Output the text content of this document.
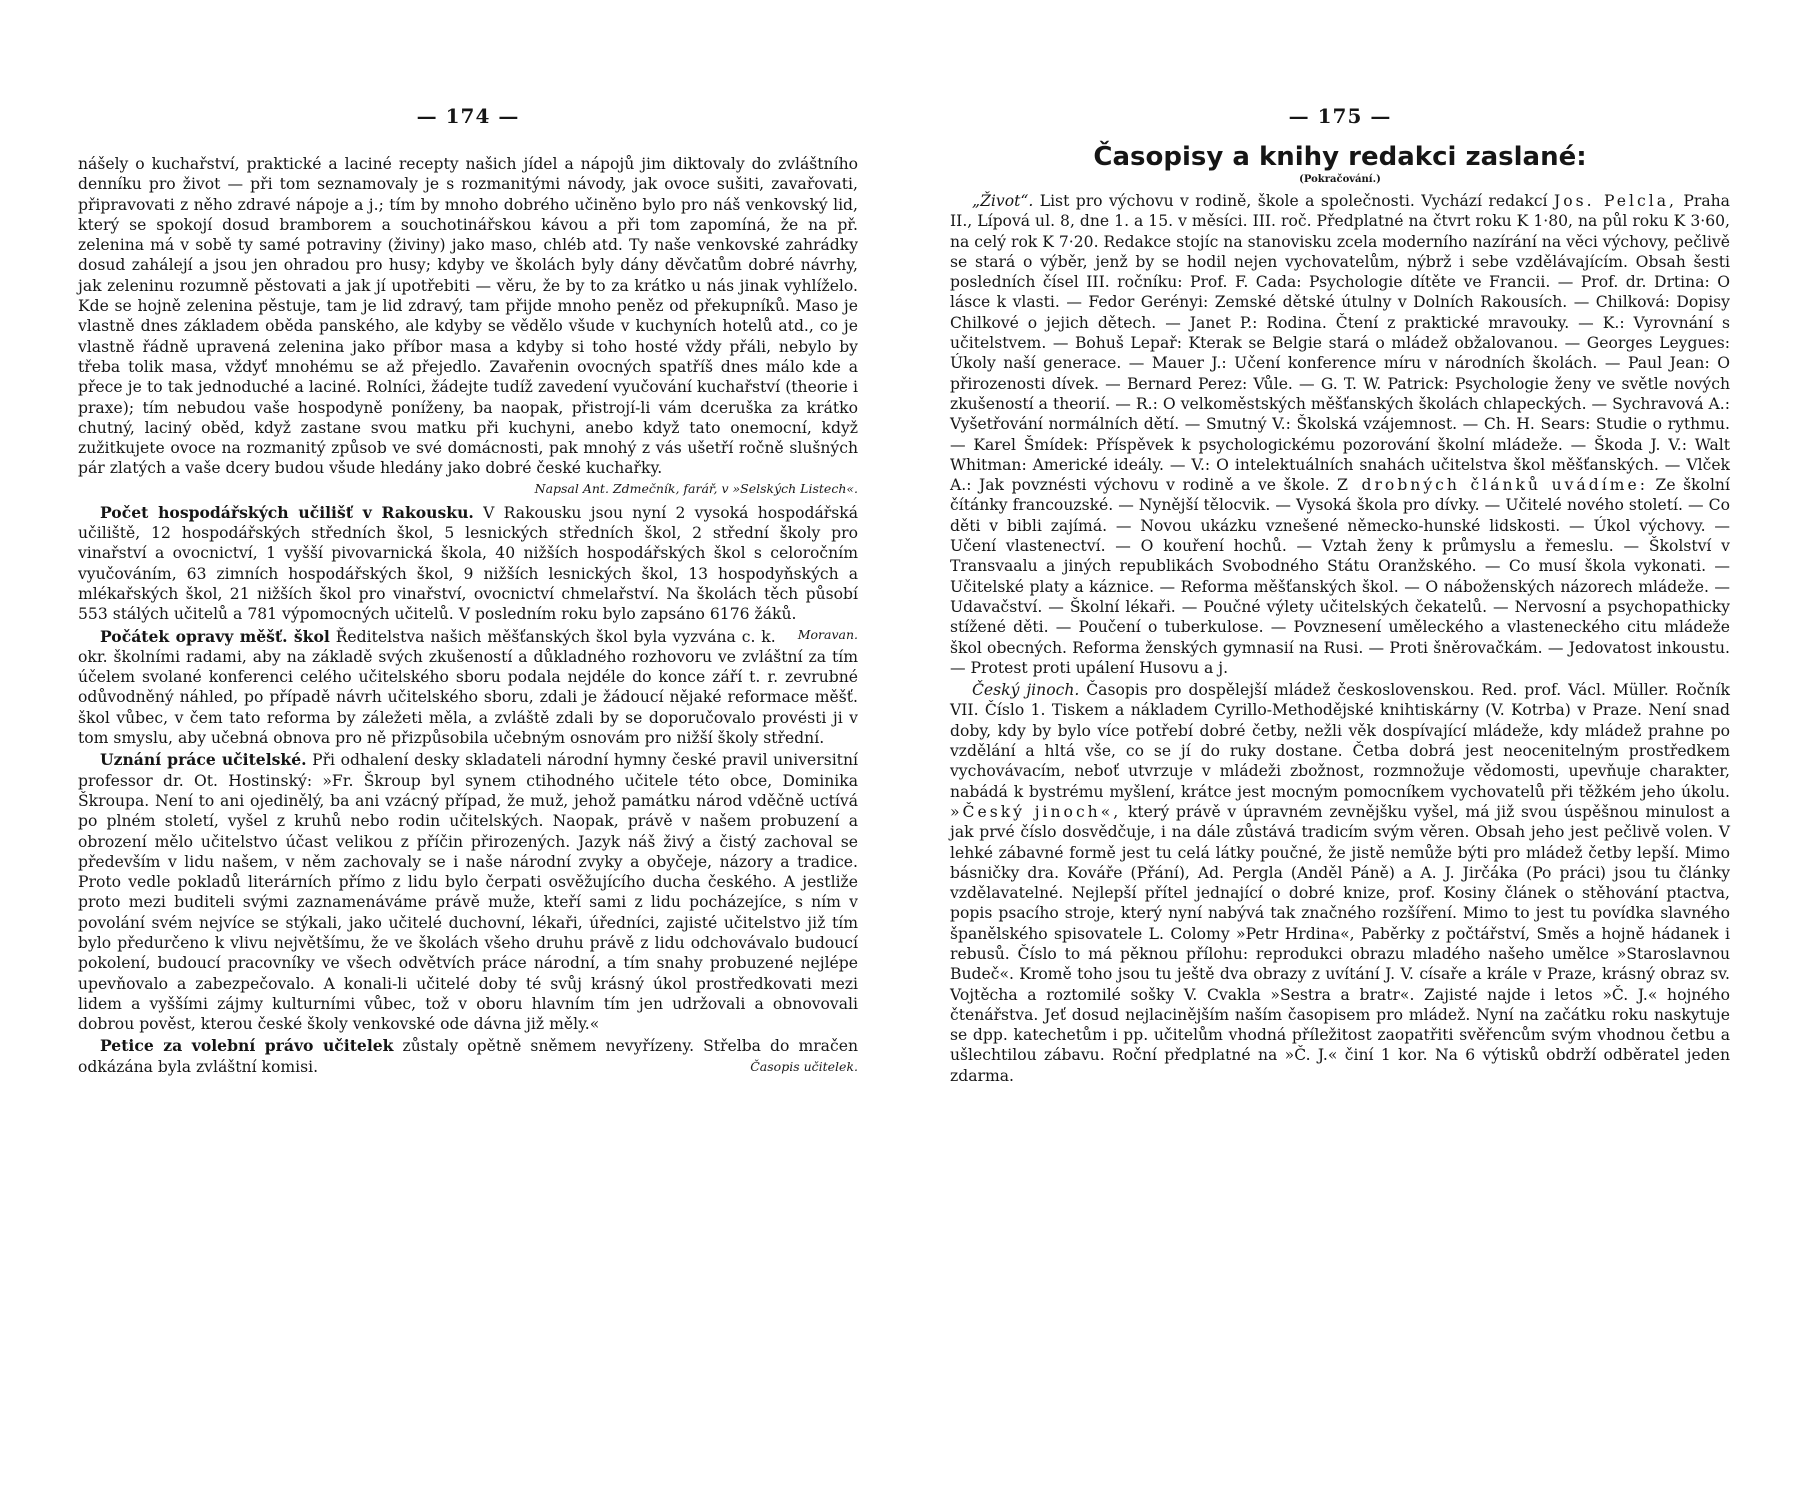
— 174 —

nášely o kuchařství, praktické a laciné recepty našich jídel a nápojů jim diktovaly do zvláštního denníku pro život — při tom seznamovaly je s rozmanitými návody, jak ovoce sušiti, zavařovati, připravovati z něho zdravé nápoje a j.; tím by mnoho dobrého učiněno bylo pro náš venkovský lid, který se spokojí dosud bramborem a souchotinářskou kávou a při tom zapomíná, že na př. zelenina má v sobě ty samé potraviny (živiny) jako maso, chléb atd. Ty naše venkovské zahrádky dosud zahálejí a jsou jen ohradou pro husy; kdyby ve školách byly dány děvčatům dobré návrhy, jak zeleninu rozumně pěstovati a jak jí upotřebiti — věru, že by to za krátko u nás jinak vyhlíželo. Kde se hojně zelenina pěstuje, tam je lid zdravý, tam přijde mnoho peněz od překupníků. Maso je vlastně dnes základem oběda panského, ale kdyby se vědělo všude v kuchyních hotelů atd., co je vlastně řádně upravená zelenina jako příbor masa a kdyby si toho hosté vždy přáli, nebylo by třeba tolik masa, vždyť mnohému se až přejedlo. Zavařenin ovocných spatříš dnes málo kde a přece je to tak jednoduché a laciné. Rolníci, žádejte tudíž zavedení vyučování kuchařství (theorie i praxe); tím nebudou vaše hospodyně poníženy, ba naopak, přistrojí-li vám dceruška za krátko chutný, laciný oběd, když zastane svou matku při kuchyni, anebo když tato onemocní, když zužitkujete ovoce na rozmanitý způsob ve své domácnosti, pak mnohý z vás ušetří ročně slušných pár zlatých a vaše dcery budou všude hledány jako dobré české kuchařky.

Napsal Ant. Zdmečník, farář, v »Selských Listech«.

Počet hospodářských učilišť v Rakousku. V Rakousku jsou nyní 2 vysoká hospodářská učiliště, 12 hospodářských středních škol, 5 lesnických středních škol, 2 střední školy pro vinařství a ovocnictví, 1 vyšší pivovarnická škola, 40 nižších hospodářských škol s celoročním vyučováním, 63 zimních hospodářských škol, 9 nižších lesnických škol, 13 hospodyňských a mlékařských škol, 21 nižších škol pro vinařství, ovocnictví chmelařství. Na školách těch působí 553 stálých učitelů a 781 výpomocných učitelů. V posledním roku bylo zapsáno 6176 žáků.
Moravan.

Počátek opravy měšť. škol Ředitelstva našich měšťanských škol byla vyzvána c. k. okr. školními radami, aby na základě svých zkušeností a důkladného rozhovoru ve zvláštní za tím účelem svolané konferenci celého učitelského sboru podala nejdéle do konce září t. r. zevrubné odůvodněný náhled, po případě návrh učitelského sboru, zdali je žádoucí nějaké reformace měšť. škol vůbec, v čem tato reforma by záležeti měla, a zvláště zdali by se doporučovalo provésti ji v tom smyslu, aby učebná obnova pro ně přizpůsobila učebným osnovám pro nižší školy střední.

Uznání práce učitelské. Při odhalení desky skladateli národní hymny české pravil universitní professor dr. Ot. Hostinský: »Fr. Škroup byl synem ctihodného učitele této obce, Dominika Škroupa. Není to ani ojedinělý, ba ani vzácný případ, že muž, jehož památku národ vděčně uctívá po plném století, vyšel z kruhů nebo rodin učitelských. Naopak, právě v našem probuzení a obrození mělo učitelstvo účast velikou z příčin přirozených. Jazyk náš živý a čistý zachoval se především v lidu našem, v něm zachovaly se i naše národní zvyky a obyčeje, názory a tradice. Proto vedle pokladů literárních přímo z lidu bylo čerpati osvěžujícího ducha českého. A jestliže proto mezi buditeli svými zaznamenáváme právě muže, kteří sami z lidu pocházejíce, s ním v povolání svém nejvíce se stýkali, jako učitelé duchovní, lékaři, úředníci, zajisté učitelstvo již tím bylo předurčeno k vlivu největšímu, že ve školách všeho druhu právě z lidu odchovávalo budoucí pokolení, budoucí pracovníky ve všech odvětvích práce národní, a tím snahy probuzené nejlépe upevňovalo a zabezpečovalo. A konali-li učitelé doby té svůj krásný úkol prostředkovati mezi lidem a vyššími zájmy kulturními vůbec, tož v oboru hlavním tím jen udržovali a obnovovali dobrou pověst, kterou české školy venkovské ode dávna již měly.«

Petice za volební právo učitelek zůstaly opětně sněmem nevyřízeny. Střelba do mračen odkázána byla zvláštní komisi.	Časopis učitelek.

— 175 —
Časopisy a knihy redakci zaslané:
(Pokračování.)

„Život“. List pro výchovu v rodině, škole a společnosti. Vychází redakcí Jos. Pelcla, Praha II., Lípová ul. 8, dne 1. a 15. v měsíci. III. roč. Předplatné na čtvrt roku K 1·80, na půl roku K 3·60, na celý rok K 7·20. Redakce stojíc na stanovisku zcela moderního nazírání na věci výchovy, pečlivě se stará o výběr, jenž by se hodil nejen vychovatelům, nýbrž i sebe vzdělávajícím. Obsah šesti posledních čísel III. ročníku: Prof. F. Cada: Psychologie dítěte ve Francii. — Prof. dr. Drtina: O lásce k vlasti. — Fedor Gerényi: Zemské dětské útulny v Dolních Rakousích. — Chilková: Dopisy Chilkové o jejich dětech. — Janet P.: Rodina. Čtení z praktické mravouky. — K.: Vyrovnání s učitelstvem. — Bohuš Lepař: Kterak se Belgie stará o mládež obžalovanou. — Georges Leygues: Úkoly naší generace. — Mauer J.: Učení konference míru v národních školách. — Paul Jean: O přirozenosti dívek. — Bernard Perez: Vůle. — G. T. W. Patrick: Psychologie ženy ve světle nových zkušeností a theorií. — R.: O velkoměstských měšťanských školách chlapeckých. — Sychravová A.: Vyšetřování normálních dětí. — Smutný V.: Školská vzájemnost. — Ch. H. Sears: Studie o rythmu. — Karel Šmídek: Příspěvek k psychologickému pozorování školní mládeže. — Škoda J. V.: Walt Whitman: Americké ideály. — V.: O intelektuálních snahách učitelstva škol měšťanských. — Vlček A.: Jak povznésti výchovu v rodině a ve škole. Z drobných článků uvádíme: Ze školní čítánky francouzské. — Nynější tělocvik. — Vysoká škola pro dívky. — Učitelé nového století. — Co děti v bibli zajímá. — Novou ukázku vznešené německo-hunské lidskosti. — Úkol výchovy. — Učení vlastenectví. — O kouření hochů. — Vztah ženy k průmyslu a řemeslu. — Školství v Transvaalu a jiných republikách Svobodného Státu Oranžského. — Co musí škola vykonati. — Učitelské platy a káznice. — Reforma měšťanských škol. — O náboženských názorech mládeže. — Udavačství. — Školní lékaři. — Poučné výlety učitelských čekatelů. — Nervosní a psychopathicky stížené děti. — Poučení o tuberkulose. — Povznesení uměleckého a vlasteneckého citu mládeže škol obecných. Reforma ženských gymnasií na Rusi. — Proti šněrovačkám. — Jedovatost inkoustu. — Protest proti upálení Husovu a j.

Český jinoch. Časopis pro dospělejší mládež československou. Red. prof. Václ. Müller. Ročník VII. Číslo 1. Tiskem a nákladem Cyrillo-Methodějské knihtiskárny (V. Kotrba) v Praze. Není snad doby, kdy by bylo více potřebí dobré četby, nežli věk dospívající mládeže, kdy mládež prahne po vzdělání a hltá vše, co se jí do ruky dostane. Četba dobrá jest neocenitelným prostředkem vychovávacím, neboť utvrzuje v mládeži zbožnost, rozmnožuje vědomosti, upevňuje charakter, nabádá k bystrému myšlení, krátce jest mocným pomocníkem vychovatelů při těžkém jeho úkolu. »Český jinoch«, který právě v úpravném zevnějšku vyšel, má již svou úspěšnou minulost a jak prvé číslo dosvědčuje, i na dále zůstává tradicím svým věren. Obsah jeho jest pečlivě volen. V lehké zábavné formě jest tu celá látky poučné, že jistě nemůže býti pro mládež četby lepší. Mimo básničky dra. Kováře (Přání), Ad. Pergla (Anděl Páně) a A. J. Jirčáka (Po práci) jsou tu články vzdělavatelné. Nejlepší přítel jednající o dobré knize, prof. Kosiny článek o stěhování ptactva, popis psacího stroje, který nyní nabývá tak značného rozšíření. Mimo to jest tu povídka slavného španělského spisovatele L. Colomy »Petr Hrdina«, Paběrky z počtářství, Směs a hojně hádanek i rebusů. Číslo to má pěknou přílohu: reprodukci obrazu mladého našeho umělce »Staroslavnou Budeč«. Kromě toho jsou tu ještě dva obrazy z uvítání J. V. císaře a krále v Praze, krásný obraz sv. Vojtěcha a roztomilé sošky V. Cvakla »Sestra a bratr«. Zajisté najde i letos »Č. J.« hojného čtenářstva. Jeť dosud nejlacinějším naším časopisem pro mládež. Nyní na začátku roku naskytuje se dpp. katechetům i pp. učitelům vhodná příležitost zaopatřiti svěřencům svým vhodnou četbu a ušlechtilou zábavu. Roční předplatné na »Č. J.« činí 1 kor. Na 6 výtisků obdrží odběratel jeden zdarma.
